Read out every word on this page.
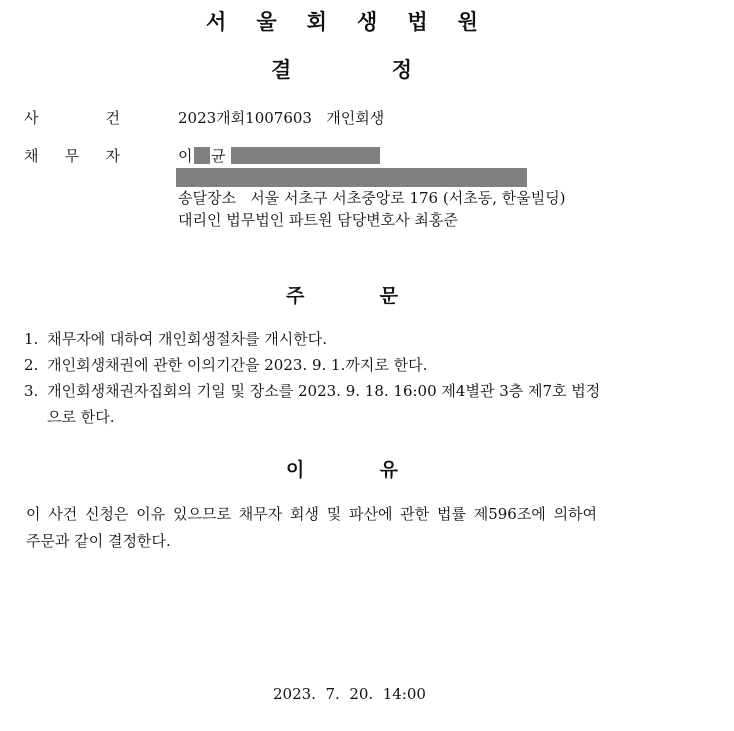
서 울 회 생 법 원
결	정
사	건	2023개회1007603   개인회생
채 무 자	이 균
송달장소   서울 서초구 서초중앙로 176 (서초동, 한울빌딩)
대리인 법무법인 파트원 담당변호사 최홍준
주	문
1. 채무자에 대하여 개인회생절차를 개시한다.
2. 개인회생채권에 관한 이의기간을 2023. 9. 1.까지로 한다.
3. 개인회생채권자집회의 기일 및 장소를 2023. 9. 18. 16:00 제4별관 3층 제7호 법정
으로 한다.
이	유
이 사건 신청은 이유 있으므로 채무자 회생 및 파산에 관한 법률 제596조에 의하여
주문과 같이 결정한다.
2023.  7.  20.  14:00
